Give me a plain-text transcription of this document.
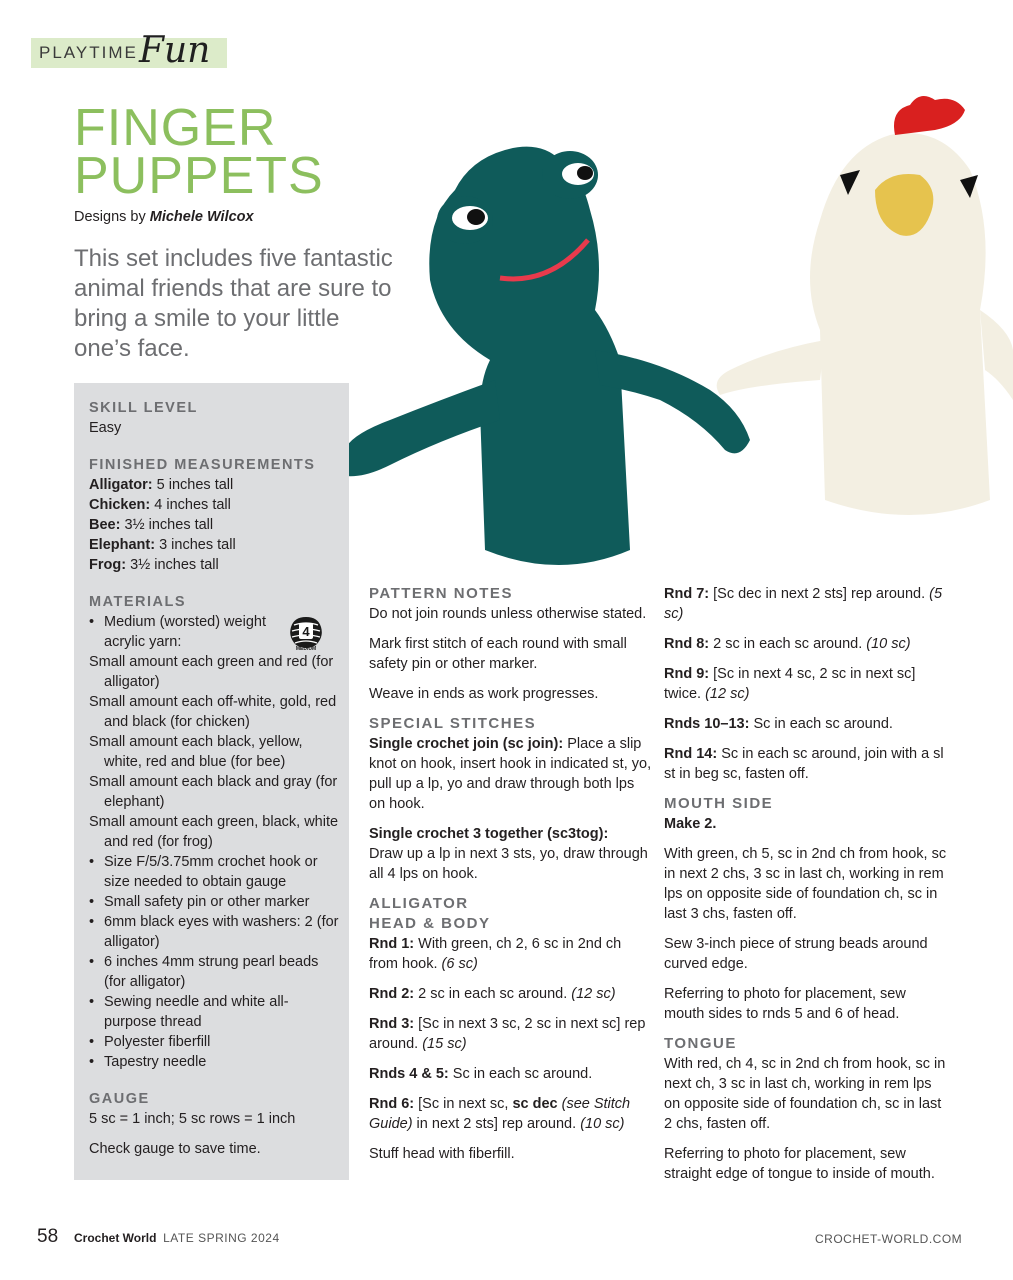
PLAYTIME Fun
FINGER
PUPPETS
Designs by Michele Wilcox

This set includes five fantastic animal friends that are sure to bring a smile to your little one’s face.

SKILL LEVEL

Easy

FINISHED MEASUREMENTS

Alligator: 5 inches tall

Chicken: 4 inches tall

Bee: 3½ inches tall

Elephant: 3 inches tall

Frog: 3½ inches tall

MATERIALS
• Medium (worsted) weight acrylic yarn:
Small amount each green and red (for alligator)
Small amount each off-white, gold, red and black (for chicken)
Small amount each black, yellow, white, red and blue (for bee)
Small amount each black and gray (for elephant)
Small amount each green, black, white and red (for frog)
• Size F/5/3.75mm crochet hook or size needed to obtain gauge
• Small safety pin or other marker
• 6mm black eyes with washers: 2 (for alligator)
• 6 inches 4mm strung pearl beads (for alligator)
• Sewing needle and white all-purpose thread
• Polyester fiberfill
• Tapestry needle
GAUGE

5 sc = 1 inch; 5 sc rows = 1 inch

Check gauge to save time.

4
MEDIUM
PATTERN NOTES

Do not join rounds unless otherwise stated.

Mark first stitch of each round with small safety pin or other marker.

Weave in ends as work progresses.

SPECIAL STITCHES

Single crochet join (sc join): Place a slip knot on hook, insert hook in indicated st, yo, pull up a lp, yo and draw through both lps on hook.

Single crochet 3 together (sc3tog):
Draw up a lp in next 3 sts, yo, draw through all 4 lps on hook.

ALLIGATOR
HEAD & BODY

Rnd 1: With green, ch 2, 6 sc in 2nd ch from hook. (6 sc)

Rnd 2: 2 sc in each sc around. (12 sc)

Rnd 3: [Sc in next 3 sc, 2 sc in next sc] rep around. (15 sc)

Rnds 4 & 5: Sc in each sc around.

Rnd 6: [Sc in next sc, sc dec (see Stitch Guide) in next 2 sts] rep around. (10 sc)

Stuff head with fiberfill.

Rnd 7: [Sc dec in next 2 sts] rep around. (5 sc)

Rnd 8: 2 sc in each sc around. (10 sc)

Rnd 9: [Sc in next 4 sc, 2 sc in next sc] twice. (12 sc)

Rnds 10–13: Sc in each sc around.

Rnd 14: Sc in each sc around, join with a sl st in beg sc, fasten off.

MOUTH SIDE

Make 2.

With green, ch 5, sc in 2nd ch from hook, sc in next 2 chs, 3 sc in last ch, working in rem lps on opposite side of foundation ch, sc in last 3 chs, fasten off.

Sew 3-inch piece of strung beads around curved edge.

Referring to photo for placement, sew mouth sides to rnds 5 and 6 of head.

TONGUE

With red, ch 4, sc in 2nd ch from hook, sc in next ch, 3 sc in last ch, working in rem lps on opposite side of foundation ch, sc in last 2 chs, fasten off.

Referring to photo for placement, sew straight edge of tongue to inside of mouth.

58 Crochet World LATE SPRING 2024	CROCHET-WORLD.COM
